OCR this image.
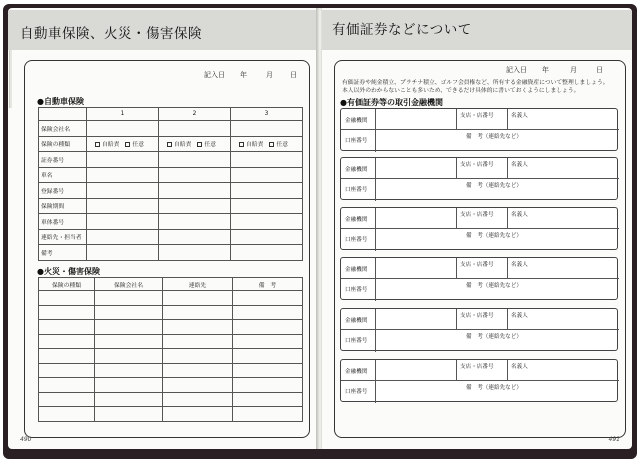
自動車保険、火災・傷害保険
記入日 年	月 日
●自動車保険
	1	2	3
保険会社名			
保険の種類	自賠責 任意	自賠責 任意	自賠責 任意
証券番号			
車名			
登録番号			
保険期間			
車体番号			
連絡先・担当者			
備考			
●火災・傷害保険
保険の種類	保険会社名	連絡先	備　考

490
有価証券などについて
記入日 年	月	日
有価証券や純金積立、プラチナ積立、ゴルフ会員権など、所有する金融資産について整理しましょう。本人以外のわからないことも多いため、できるだけ具体的に書いておくようにしましょう。
●有価証券等の取引金融機関
金融機関
口座番号
支店・店番号	名義人
備　考（連絡先など）
金融機関
口座番号
支店・店番号	名義人
備　考（連絡先など）
金融機関
口座番号
支店・店番号	名義人
備　考（連絡先など）
金融機関
口座番号
支店・店番号	名義人
備　考（連絡先など）
金融機関
口座番号
支店・店番号	名義人
備　考（連絡先など）
金融機関
口座番号
支店・店番号	名義人
備　考（連絡先など）
491
